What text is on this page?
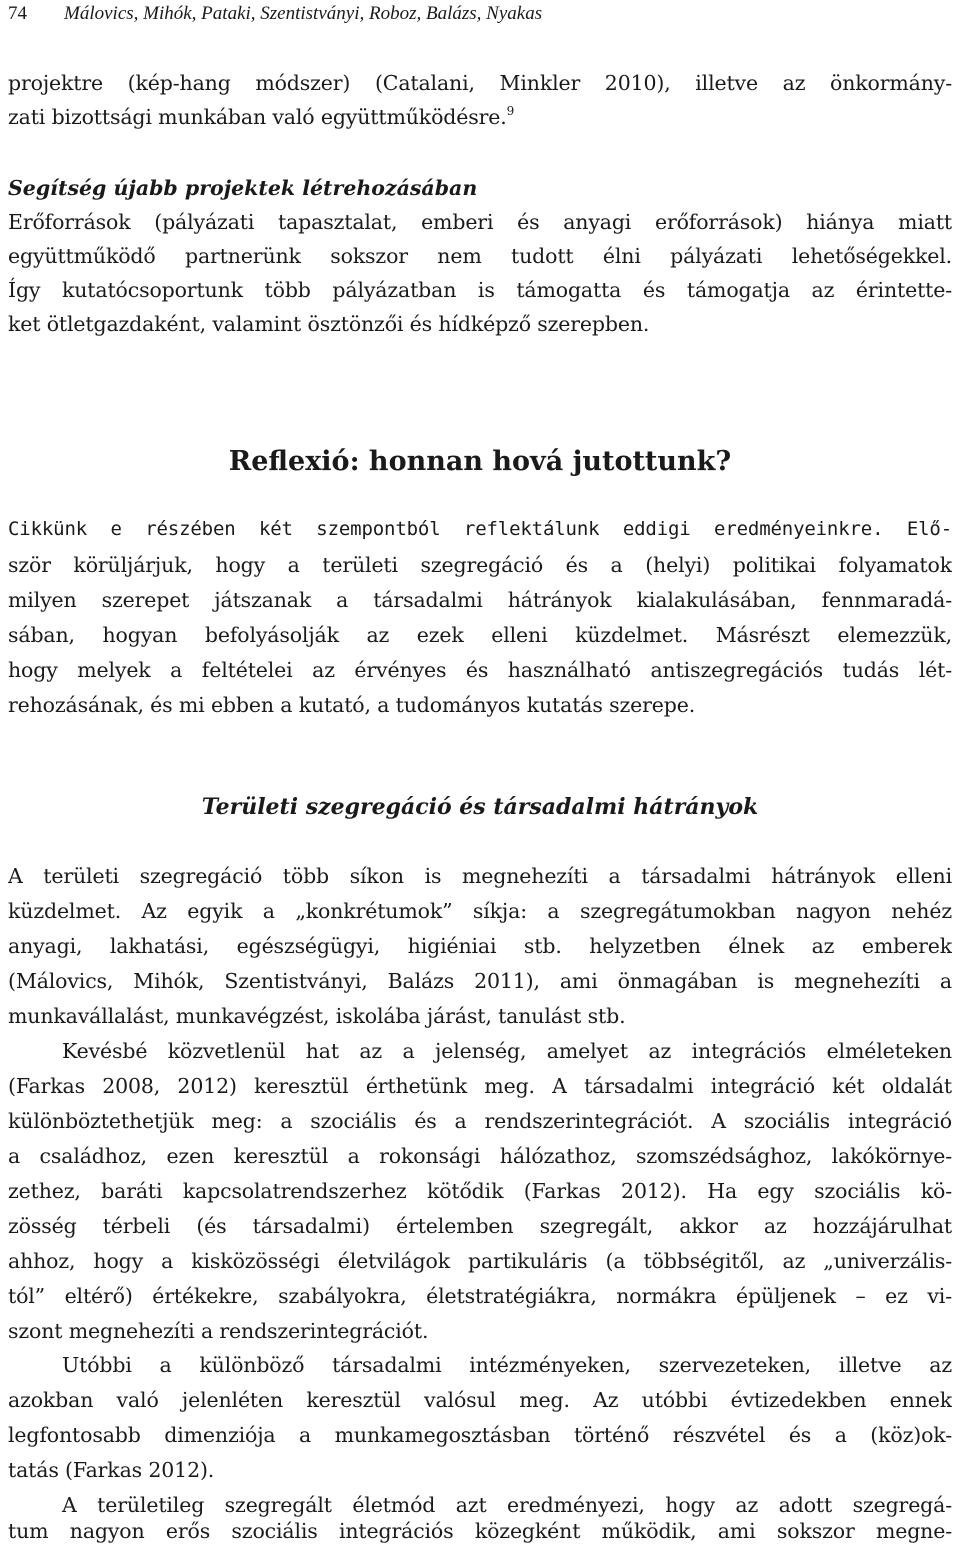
74 Málovics, Mihók, Pataki, Szentistványi, Roboz, Balázs, Nyakas
projektre (kép-hang módszer) (Catalani, Minkler 2010), illetve az önkormány-
zati bizottsági munkában való együttműködésre.$^9$
Segítség újabb projektek létrehozásában
Erőforrások (pályázati tapasztalat, emberi és anyagi erőforrások) hiánya miatt
együttműködő partnerünk sokszor nem tudott élni pályázati lehetőségekkel.
Így kutatócsoportunk több pályázatban is támogatta és támogatja az érintette-
ket ötletgazdaként, valamint ösztönzői és hídképző szerepben.
Reflexió: honnan hová jutottunk?
Cikkünk e részében két szempontból reflektálunk eddigi eredményeinkre. Elő-
ször körüljárjuk, hogy a területi szegregáció és a (helyi) politikai folyamatok
milyen szerepet játszanak a társadalmi hátrányok kialakulásában, fennmaradá-
sában, hogyan befolyásolják az ezek elleni küzdelmet. Másrészt elemezzük,
hogy melyek a feltételei az érvényes és használható antiszegregációs tudás lét-
rehozásának, és mi ebben a kutató, a tudományos kutatás szerepe.
Területi szegregáció és társadalmi hátrányok
A területi szegregáció több síkon is megnehezíti a társadalmi hátrányok elleni
küzdelmet. Az egyik a „konkrétumok” síkja: a szegregátumokban nagyon nehéz
anyagi, lakhatási, egészségügyi, higiéniai stb. helyzetben élnek az emberek
(Málovics, Mihók, Szentistványi, Balázs 2011), ami önmagában is megnehezíti a
munkavállalást, munkavégzést, iskolába járást, tanulást stb.
Kevésbé közvetlenül hat az a jelenség, amelyet az integrációs elméleteken
(Farkas 2008, 2012) keresztül érthetünk meg. A társadalmi integráció két oldalát
különböztethetjük meg: a szociális és a rendszerintegrációt. A szociális integráció
a családhoz, ezen keresztül a rokonsági hálózathoz, szomszédsághoz, lakókörnye-
zethez, baráti kapcsolatrendszerhez kötődik (Farkas 2012). Ha egy szociális kö-
zösség térbeli (és társadalmi) értelemben szegregált, akkor az hozzájárulhat
ahhoz, hogy a kisközösségi életvilágok partikuláris (a többségitől, az „univerzális-
tól” eltérő) értékekre, szabályokra, életstratégiákra, normákra épüljenek – ez vi-
szont megnehezíti a rendszerintegrációt.
Utóbbi a különböző társadalmi intézményeken, szervezeteken, illetve az
azokban való jelenléten keresztül valósul meg. Az utóbbi évtizedekben ennek
legfontosabb dimenziója a munkamegosztásban történő részvétel és a (köz)ok-
tatás (Farkas 2012).
A területileg szegregált életmód azt eredményezi, hogy az adott szegregá-
tum nagyon erős szociális integrációs közegként működik, ami sokszor megne-
